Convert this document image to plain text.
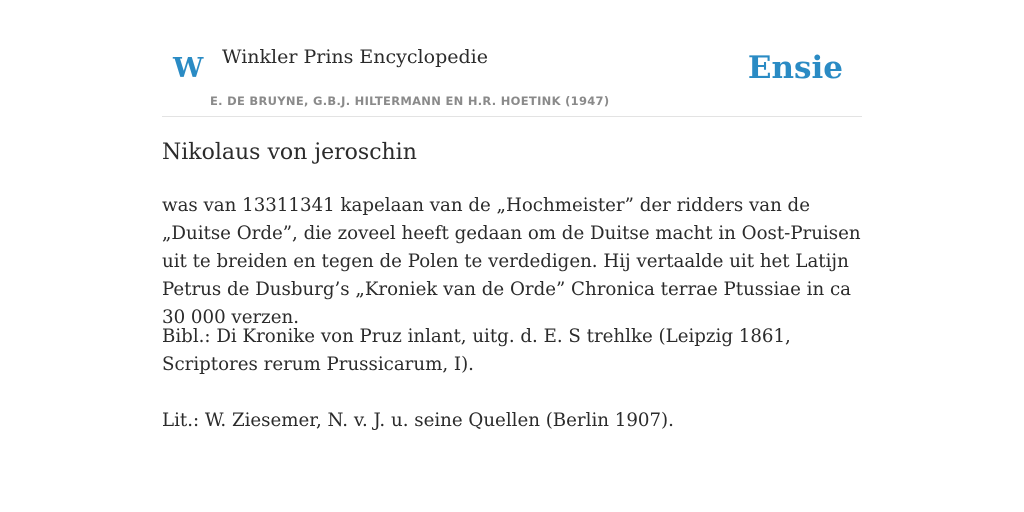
W Winkler Prins Encyclopedie
E. DE BRUYNE, G.B.J. HILTERMANN EN H.R. HOETINK (1947)
Ensie
Nikolaus von jeroschin

was van 13311341 kapelaan van de „Hochmeister” der ridders van de „Duitse Orde”, die zoveel heeft gedaan om de Duitse macht in Oost-Pruisen uit te breiden en tegen de Polen te verdedigen. Hij vertaalde uit het Latijn Petrus de Dusburg’s „Kroniek van de Orde” Chronica terrae Ptussiae in ca 30 000 verzen.

Bibl.: Di Kronike von Pruz inlant, uitg. d. E. S trehlke (Leipzig 1861, Scriptores rerum Prussicarum, I).

Lit.: W. Ziesemer, N. v. J. u. seine Quellen (Berlin 1907).
